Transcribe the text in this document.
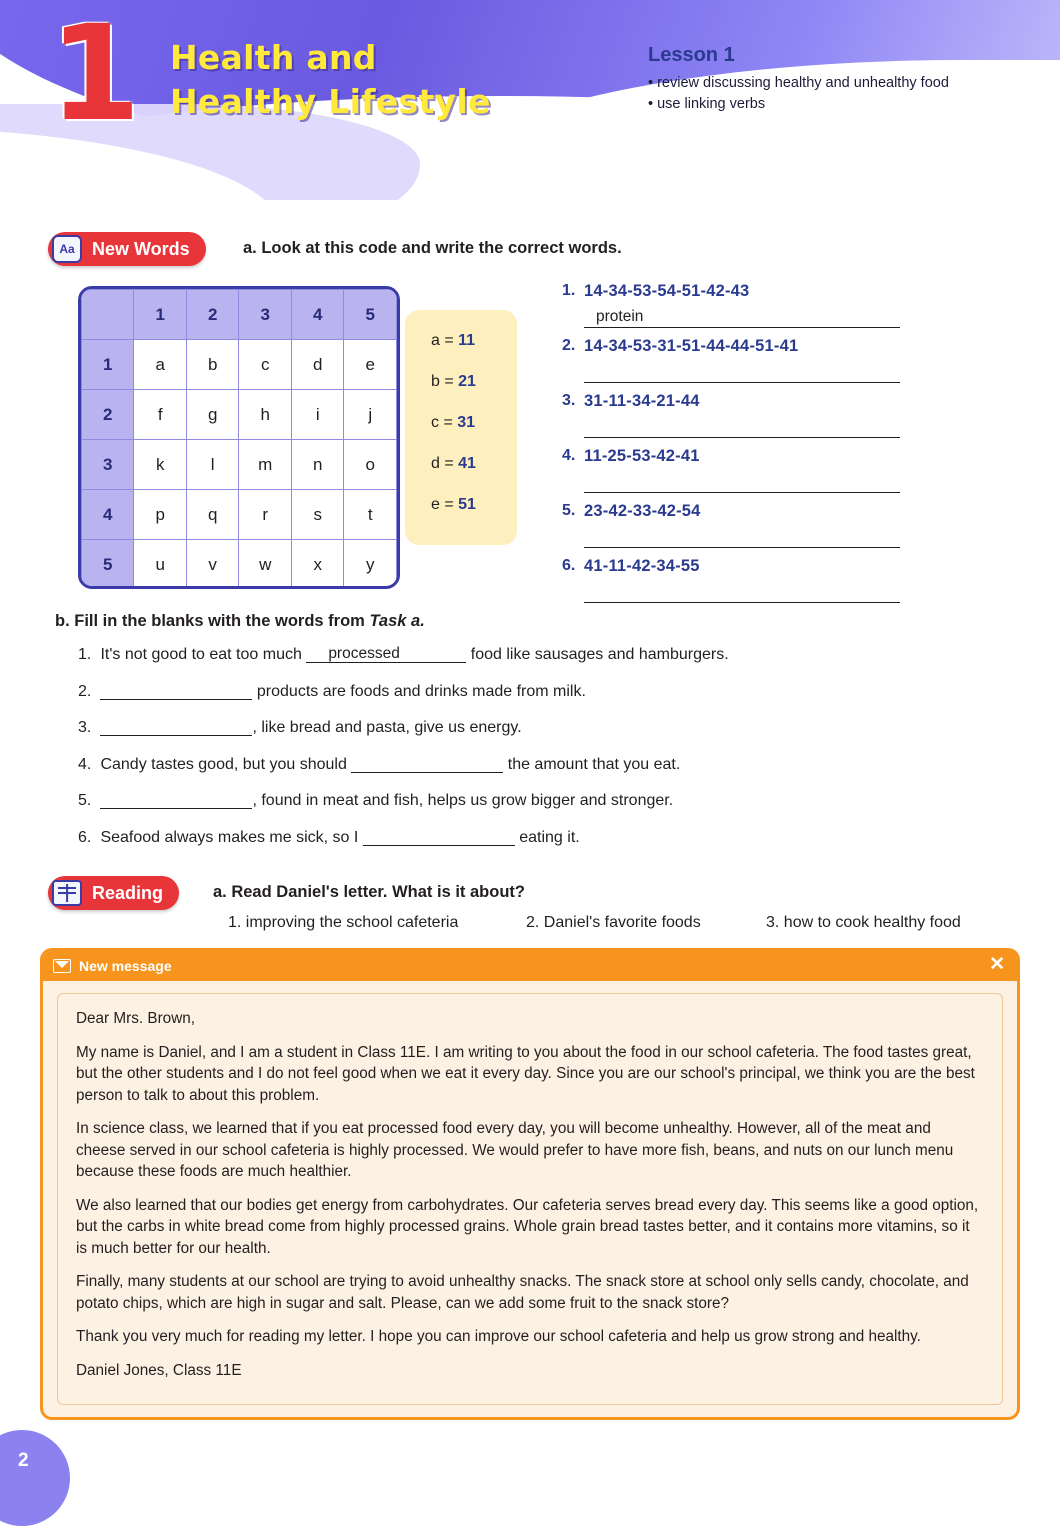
1 Health and
Healthy Lifestyle
Lesson 1
• review discussing healthy and unhealthy food
• use linking verbs
Aa New Words	a. Look at this code and write the correct words.
	1	2	3	4	5
1	a	b	c	d	e
2	f	g	h	i	j
3	k	l	m	n	o
4	p	q	r	s	t
5	u	v	w	x	y
a = 11
b = 21
c = 31
d = 41
e = 51
1. 14-34-53-54-51-42-43
protein
2. 14-34-53-31-51-44-44-51-41
3. 31-11-34-21-44
4. 11-25-53-42-41
5. 23-42-33-42-54
6. 41-11-42-34-55
b. Fill in the blanks with the words from Task a.
1. It's not good to eat too much processed	food like sausages and hamburgers.
2.	products are foods and drinks made from milk.
3.	, like bread and pasta, give us energy.
4. Candy tastes good, but you should	the amount that you eat.
5.	, found in meat and fish, helps us grow bigger and stronger.
6. Seafood always makes me sick, so I	eating it.
Reading	a. Read Daniel's letter. What is it about?
1. improving the school cafeteria	2. Daniel's favorite foods	3. how to cook healthy food
New message	✕

Dear Mrs. Brown,

My name is Daniel, and I am a student in Class 11E. I am writing to you about the food in our school cafeteria. The food tastes great, but the other students and I do not feel good when we eat it every day. Since you are our school's principal, we think you are the best person to talk to about this problem.

In science class, we learned that if you eat processed food every day, you will become unhealthy. However, all of the meat and cheese served in our school cafeteria is highly processed. We would prefer to have more fish, beans, and nuts on our lunch menu because these foods are much healthier.

We also learned that our bodies get energy from carbohydrates. Our cafeteria serves bread every day. This seems like a good option, but the carbs in white bread come from highly processed grains. Whole grain bread tastes better, and it contains more vitamins, so it is much better for our health.

Finally, many students at our school are trying to avoid unhealthy snacks. The snack store at school only sells candy, chocolate, and potato chips, which are high in sugar and salt. Please, can we add some fruit to the snack store?

Thank you very much for reading my letter. I hope you can improve our school cafeteria and help us grow strong and healthy.

Daniel Jones, Class 11E

2
